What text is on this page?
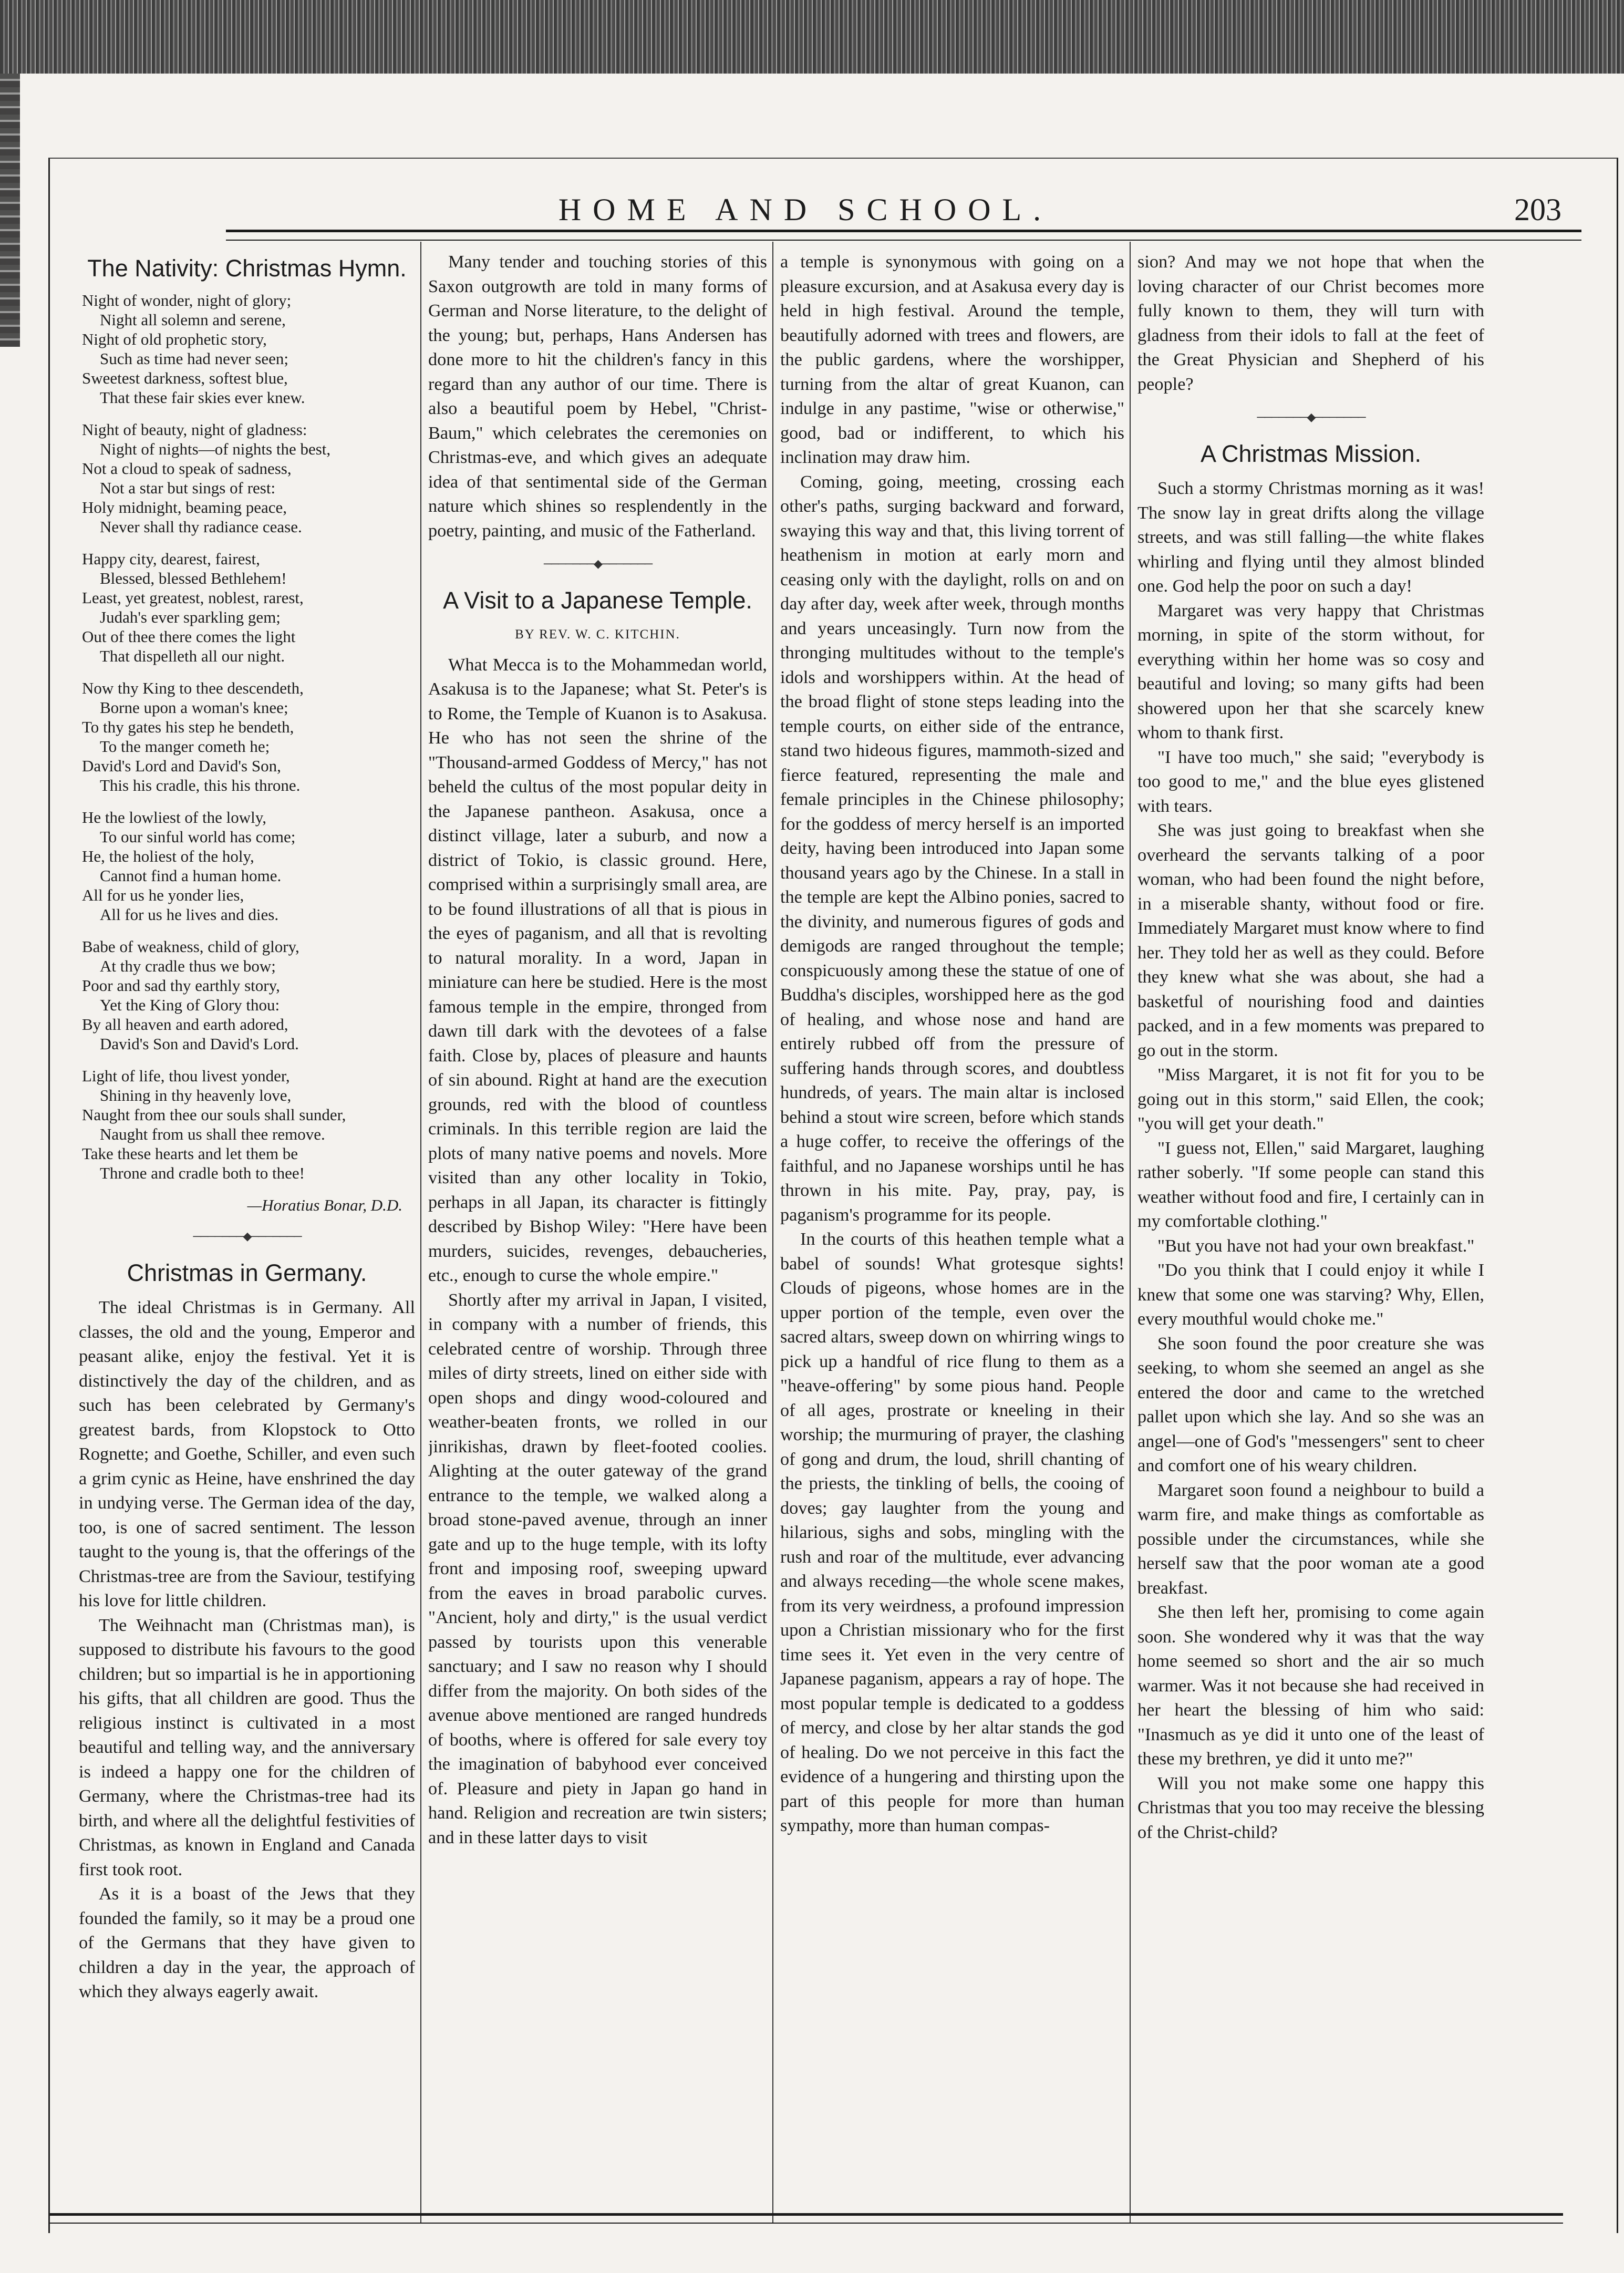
HOME AND SCHOOL.	203
The Nativity: Christmas Hymn.
Night of wonder, night of glory;
Night all solemn and serene,
Night of old prophetic story,
Such as time had never seen;
Sweetest darkness, softest blue,
That these fair skies ever knew.
Night of beauty, night of gladness:
Night of nights—of nights the best,
Not a cloud to speak of sadness,
Not a star but sings of rest:
Holy midnight, beaming peace,
Never shall thy radiance cease.
Happy city, dearest, fairest,
Blessed, blessed Bethlehem!
Least, yet greatest, noblest, rarest,
Judah's ever sparkling gem;
Out of thee there comes the light
That dispelleth all our night.
Now thy King to thee descendeth,
Borne upon a woman's knee;
To thy gates his step he bendeth,
To the manger cometh he;
David's Lord and David's Son,
This his cradle, this his throne.
He the lowliest of the lowly,
To our sinful world has come;
He, the holiest of the holy,
Cannot find a human home.
All for us he yonder lies,
All for us he lives and dies.
Babe of weakness, child of glory,
At thy cradle thus we bow;
Poor and sad thy earthly story,
Yet the King of Glory thou:
By all heaven and earth adored,
David's Son and David's Lord.
Light of life, thou livest yonder,
Shining in thy heavenly love,
Naught from thee our souls shall sunder,
Naught from us shall thee remove.
Take these hearts and let them be
Throne and cradle both to thee!
—Horatius Bonar, D.D.
───────◆───────
Christmas in Germany.

The ideal Christmas is in Germany. All classes, the old and the young, Emperor and peasant alike, enjoy the festival. Yet it is distinctively the day of the children, and as such has been celebrated by Germany's greatest bards, from Klopstock to Otto Rognette; and Goethe, Schiller, and even such a grim cynic as Heine, have enshrined the day in undying verse. The German idea of the day, too, is one of sacred sentiment. The lesson taught to the young is, that the offerings of the Christmas-tree are from the Saviour, testifying his love for little children.

The Weihnacht man (Christmas man), is supposed to distribute his favours to the good children; but so impartial is he in apportioning his gifts, that all children are good. Thus the religious instinct is cultivated in a most beautiful and telling way, and the anniversary is indeed a happy one for the children of Germany, where the Christmas-tree had its birth, and where all the delightful festivities of Christmas, as known in England and Canada first took root.

As it is a boast of the Jews that they founded the family, so it may be a proud one of the Germans that they have given to children a day in the year, the approach of which they always eagerly await.

Many tender and touching stories of this Saxon outgrowth are told in many forms of German and Norse literature, to the delight of the young; but, perhaps, Hans Andersen has done more to hit the children's fancy in this regard than any author of our time. There is also a beautiful poem by Hebel, "Christ-Baum," which celebrates the ceremonies on Christmas-eve, and which gives an adequate idea of that sentimental side of the German nature which shines so resplendently in the poetry, painting, and music of the Fatherland.

───────◆───────
A Visit to a Japanese Temple.
BY REV. W. C. KITCHIN.

What Mecca is to the Mohammedan world, Asakusa is to the Japanese; what St. Peter's is to Rome, the Temple of Kuanon is to Asakusa. He who has not seen the shrine of the "Thousand-armed Goddess of Mercy," has not beheld the cultus of the most popular deity in the Japanese pantheon. Asakusa, once a distinct village, later a suburb, and now a district of Tokio, is classic ground. Here, comprised within a surprisingly small area, are to be found illustrations of all that is pious in the eyes of paganism, and all that is revolting to natural morality. In a word, Japan in miniature can here be studied. Here is the most famous temple in the empire, thronged from dawn till dark with the devotees of a false faith. Close by, places of pleasure and haunts of sin abound. Right at hand are the execution grounds, red with the blood of countless criminals. In this terrible region are laid the plots of many native poems and novels. More visited than any other locality in Tokio, perhaps in all Japan, its character is fittingly described by Bishop Wiley: "Here have been murders, suicides, revenges, debaucheries, etc., enough to curse the whole empire."

Shortly after my arrival in Japan, I visited, in company with a number of friends, this celebrated centre of worship. Through three miles of dirty streets, lined on either side with open shops and dingy wood-coloured and weather-beaten fronts, we rolled in our jinrikishas, drawn by fleet-footed coolies. Alighting at the outer gateway of the grand entrance to the temple, we walked along a broad stone-paved avenue, through an inner gate and up to the huge temple, with its lofty front and imposing roof, sweeping upward from the eaves in broad parabolic curves. "Ancient, holy and dirty," is the usual verdict passed by tourists upon this venerable sanctuary; and I saw no reason why I should differ from the majority. On both sides of the avenue above mentioned are ranged hundreds of booths, where is offered for sale every toy the imagination of babyhood ever conceived of. Pleasure and piety in Japan go hand in hand. Religion and recreation are twin sisters; and in these latter days to visit

a temple is synonymous with going on a pleasure excursion, and at Asakusa every day is held in high festival. Around the temple, beautifully adorned with trees and flowers, are the public gardens, where the worshipper, turning from the altar of great Kuanon, can indulge in any pastime, "wise or otherwise," good, bad or indifferent, to which his inclination may draw him.

Coming, going, meeting, crossing each other's paths, surging backward and forward, swaying this way and that, this living torrent of heathenism in motion at early morn and ceasing only with the daylight, rolls on and on day after day, week after week, through months and years unceasingly. Turn now from the thronging multitudes without to the temple's idols and worshippers within. At the head of the broad flight of stone steps leading into the temple courts, on either side of the entrance, stand two hideous figures, mammoth-sized and fierce featured, representing the male and female principles in the Chinese philosophy; for the goddess of mercy herself is an imported deity, having been introduced into Japan some thousand years ago by the Chinese. In a stall in the temple are kept the Albino ponies, sacred to the divinity, and numerous figures of gods and demigods are ranged throughout the temple; conspicuously among these the statue of one of Buddha's disciples, worshipped here as the god of healing, and whose nose and hand are entirely rubbed off from the pressure of suffering hands through scores, and doubtless hundreds, of years. The main altar is inclosed behind a stout wire screen, before which stands a huge coffer, to receive the offerings of the faithful, and no Japanese worships until he has thrown in his mite. Pay, pray, pay, is paganism's programme for its people.

In the courts of this heathen temple what a babel of sounds! What grotesque sights! Clouds of pigeons, whose homes are in the upper portion of the temple, even over the sacred altars, sweep down on whirring wings to pick up a handful of rice flung to them as a "heave-offering" by some pious hand. People of all ages, prostrate or kneeling in their worship; the murmuring of prayer, the clashing of gong and drum, the loud, shrill chanting of the priests, the tinkling of bells, the cooing of doves; gay laughter from the young and hilarious, sighs and sobs, mingling with the rush and roar of the multitude, ever advancing and always receding—the whole scene makes, from its very weirdness, a profound impression upon a Christian missionary who for the first time sees it. Yet even in the very centre of Japanese paganism, appears a ray of hope. The most popular temple is dedicated to a goddess of mercy, and close by her altar stands the god of healing. Do we not perceive in this fact the evidence of a hungering and thirsting upon the part of this people for more than human sympathy, more than human compas-

sion? And may we not hope that when the loving character of our Christ becomes more fully known to them, they will turn with gladness from their idols to fall at the feet of the Great Physician and Shepherd of his people?

───────◆───────
A Christmas Mission.

Such a stormy Christmas morning as it was! The snow lay in great drifts along the village streets, and was still falling—the white flakes whirling and flying until they almost blinded one. God help the poor on such a day!

Margaret was very happy that Christmas morning, in spite of the storm without, for everything within her home was so cosy and beautiful and loving; so many gifts had been showered upon her that she scarcely knew whom to thank first.

"I have too much," she said; "everybody is too good to me," and the blue eyes glistened with tears.

She was just going to breakfast when she overheard the servants talking of a poor woman, who had been found the night before, in a miserable shanty, without food or fire. Immediately Margaret must know where to find her. They told her as well as they could. Before they knew what she was about, she had a basketful of nourishing food and dainties packed, and in a few moments was prepared to go out in the storm.

"Miss Margaret, it is not fit for you to be going out in this storm," said Ellen, the cook; "you will get your death."

"I guess not, Ellen," said Margaret, laughing rather soberly. "If some people can stand this weather without food and fire, I certainly can in my comfortable clothing."

"But you have not had your own breakfast."

"Do you think that I could enjoy it while I knew that some one was starving? Why, Ellen, every mouthful would choke me."

She soon found the poor creature she was seeking, to whom she seemed an angel as she entered the door and came to the wretched pallet upon which she lay. And so she was an angel—one of God's "messengers" sent to cheer and comfort one of his weary children.

Margaret soon found a neighbour to build a warm fire, and make things as comfortable as possible under the circumstances, while she herself saw that the poor woman ate a good breakfast.

She then left her, promising to come again soon. She wondered why it was that the way home seemed so short and the air so much warmer. Was it not because she had received in her heart the blessing of him who said: "Inasmuch as ye did it unto one of the least of these my brethren, ye did it unto me?"

Will you not make some one happy this Christmas that you too may receive the blessing of the Christ-child?
